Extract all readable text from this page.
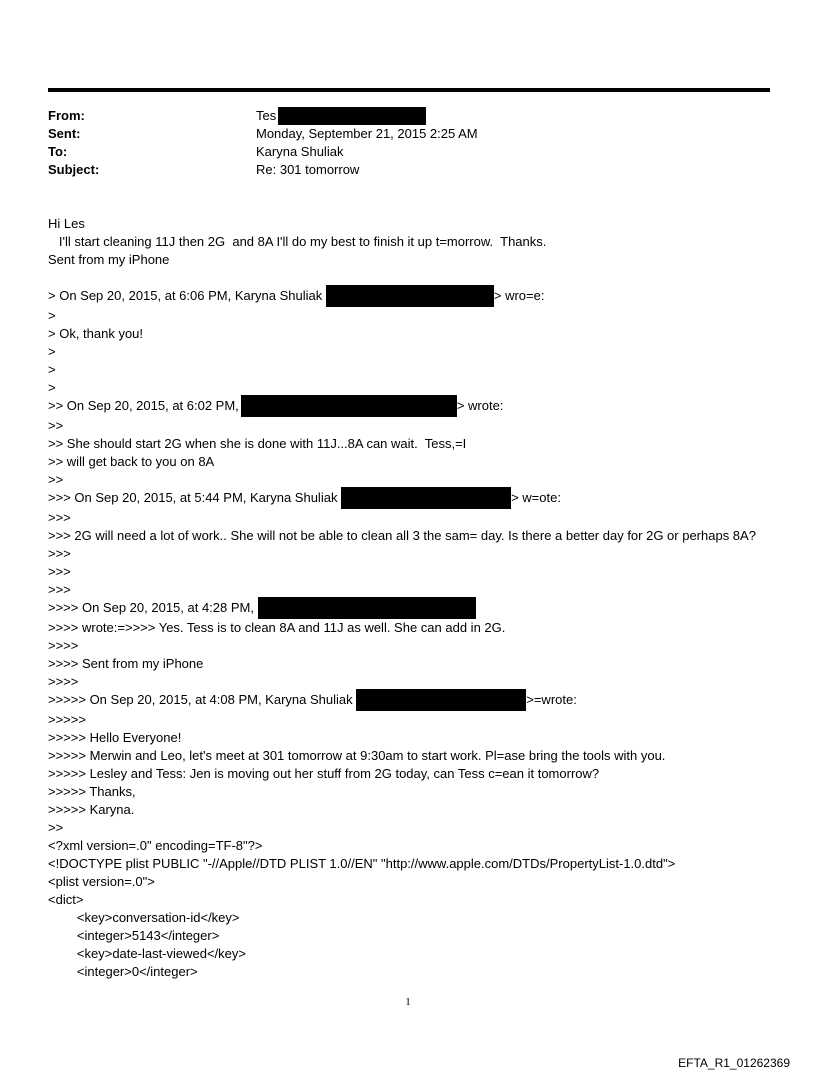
From:	Tes
Sent:	Monday, September 21, 2015 2:25 AM
To:	Karyna Shuliak
Subject:	Re: 301 tomorrow
Hi Les
I'll start cleaning 11J then 2G  and 8A I'll do my best to finish it up t=morrow.  Thanks.
Sent from my iPhone
> On Sep 20, 2015, at 6:06 PM, Karyna Shuliak	> wro=e:
>
> Ok, thank you!
>
>
>
>> On Sep 20, 2015, at 6:02 PM,	> wrote:
>>
>> She should start 2G when she is done with 11J...8A can wait.  Tess,=I
>> will get back to you on 8A
>>
>>> On Sep 20, 2015, at 5:44 PM, Karyna Shuliak	> w=ote:
>>>
>>> 2G will need a lot of work.. She will not be able to clean all 3 the sam= day. Is there a better day for 2G or perhaps 8A?
>>>
>>>
>>>
>>>> On Sep 20, 2015, at 4:28 PM,
>>>> wrote:=>>>> Yes. Tess is to clean 8A and 11J as well. She can add in 2G.
>>>>
>>>> Sent from my iPhone
>>>>
>>>>> On Sep 20, 2015, at 4:08 PM, Karyna Shuliak	>=wrote:
>>>>>
>>>>> Hello Everyone!
>>>>> Merwin and Leo, let's meet at 301 tomorrow at 9:30am to start work. Pl=ase bring the tools with you.
>>>>> Lesley and Tess: Jen is moving out her stuff from 2G today, can Tess c=ean it tomorrow?
>>>>> Thanks,
>>>>> Karyna.
>>
<?xml version=.0" encoding=TF-8"?>
<!DOCTYPE plist PUBLIC "-//Apple//DTD PLIST 1.0//EN" "http://www.apple.com/DTDs/PropertyList-1.0.dtd">
<plist version=.0">
<dict>
<key>conversation-id</key>
<integer>5143</integer>
<key>date-last-viewed</key>
<integer>0</integer>
1
EFTA_R1_01262369
